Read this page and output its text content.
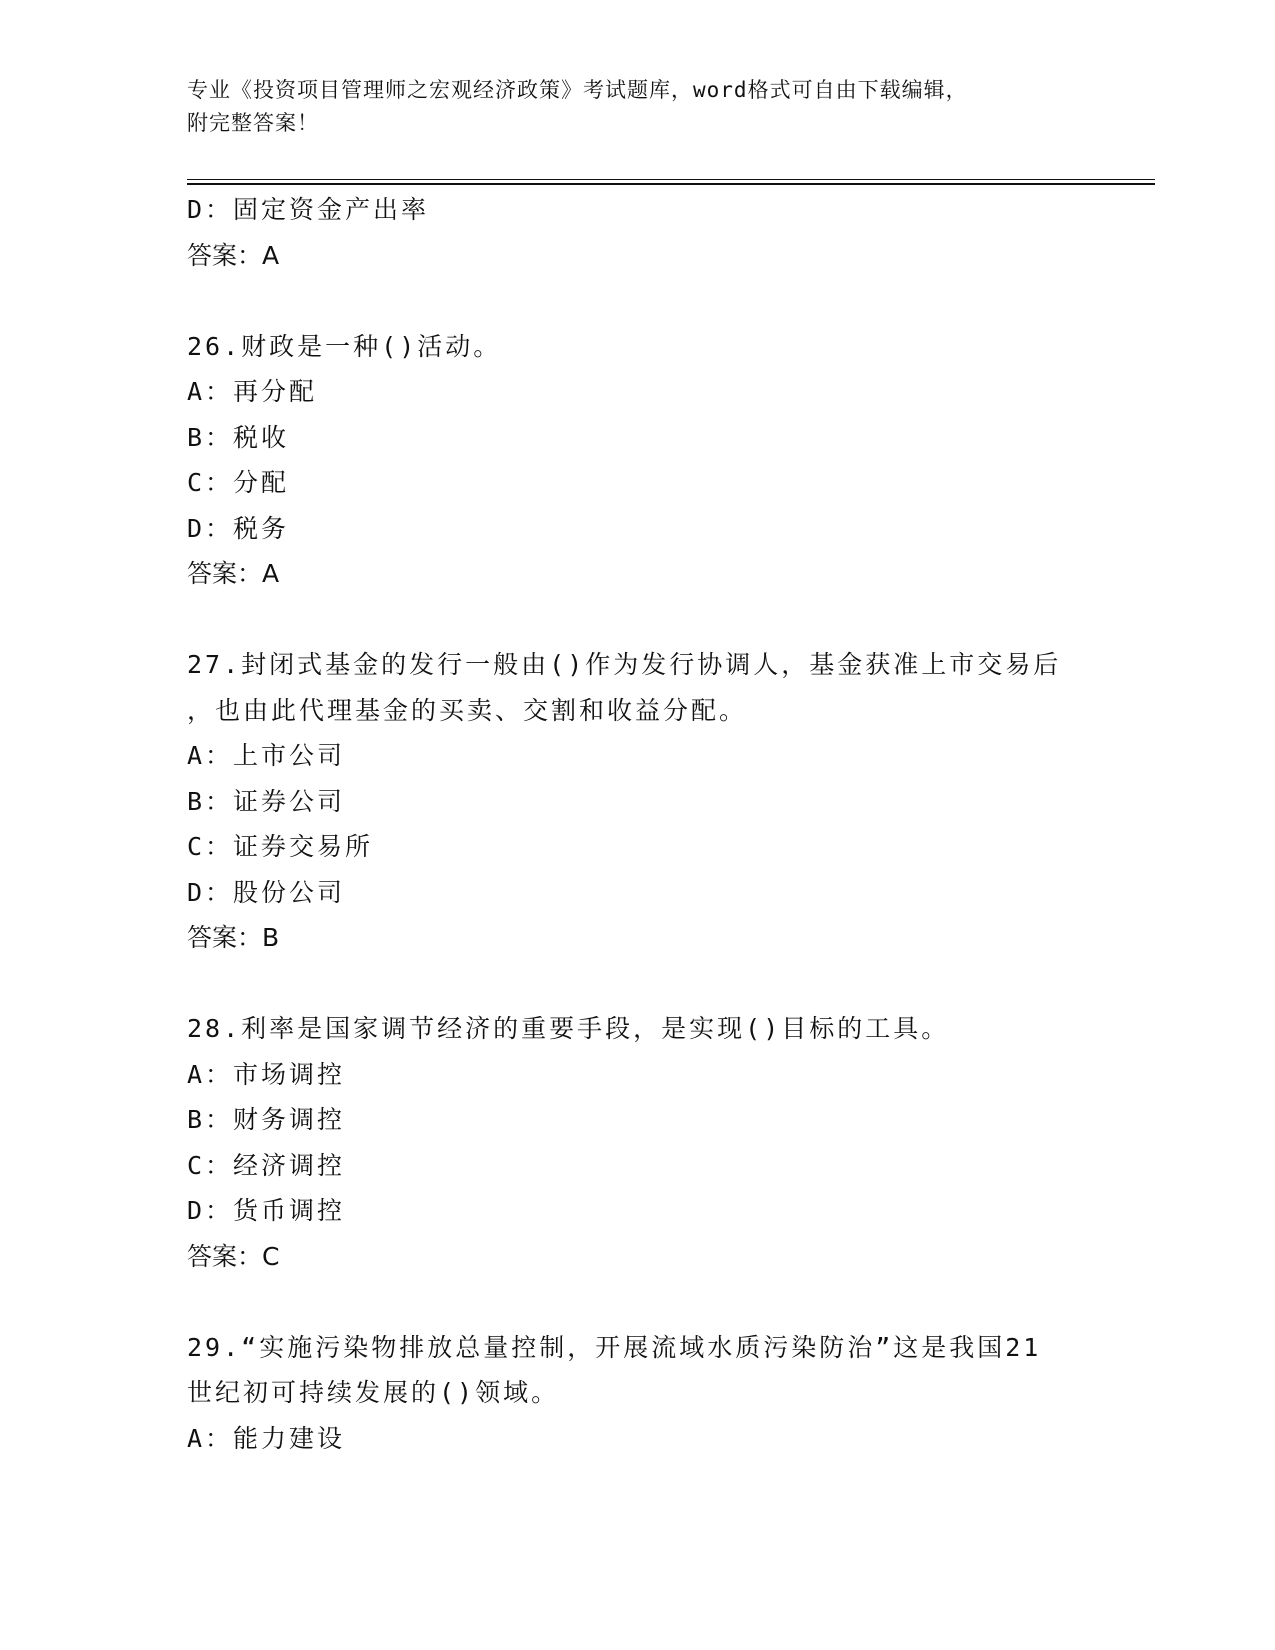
专业《投资项目管理师之宏观经济政策》考试题库，word格式可自由下载编辑，
附完整答案！
D：固定资金产出率
答案：A
26.财政是一种()活动。
A：再分配
B：税收
C：分配
D：税务
答案：A
27.封闭式基金的发行一般由()作为发行协调人，基金获准上市交易后
，也由此代理基金的买卖、交割和收益分配。
A：上市公司
B：证券公司
C：证券交易所
D：股份公司
答案：B
28.利率是国家调节经济的重要手段，是实现()目标的工具。
A：市场调控
B：财务调控
C：经济调控
D：货币调控
答案：C
29.“实施污染物排放总量控制，开展流域水质污染防治”这是我国21
世纪初可持续发展的()领域。
A：能力建设
